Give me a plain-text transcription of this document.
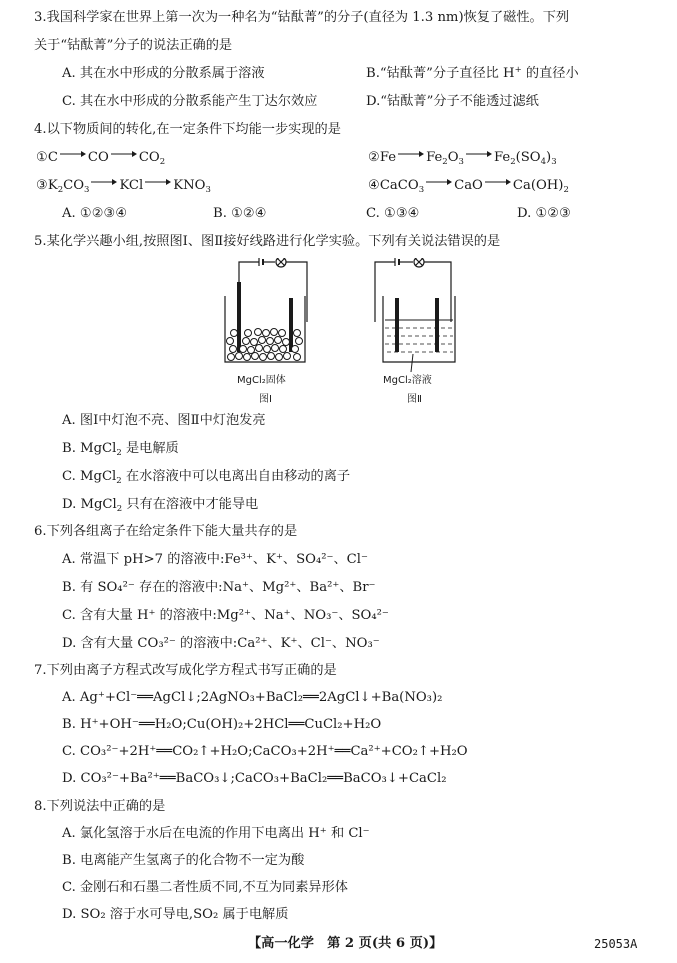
3.我国科学家在世界上第一次为一种名为“钴酞菁”的分子(直径为 1.3 nm)恢复了磁性。下列
关于“钴酞菁”分子的说法正确的是
A. 其在水中形成的分散系属于溶液	B.“钴酞菁”分子直径比 H+ 的直径小
C. 其在水中形成的分散系能产生丁达尔效应	D.“钴酞菁”分子不能透过滤纸
4.以下物质间的转化,在一定条件下均能一步实现的是
①C CO $CO_2$	②Fe $Fe_2O_3$ $Fe_2(SO_4)_3$
$③K_2CO_3$ KCl $KNO_3$	④CaCO$_3$ CaO $Ca(OH)_2$
A. ①②③④	B. ①②④	C. ①③④	D. ①②③
5.某化学兴趣小组,按照图Ⅰ、图Ⅱ接好线路进行化学实验。下列有关说法错误的是
MgCl₂固体
图Ⅰ
MgCl₂溶液
图Ⅱ
A. 图Ⅰ中灯泡不亮、图Ⅱ中灯泡发亮
B. MgCl$_2$ 是电解质
C. MgCl$_2$ 在水溶液中可以电离出自由移动的离子
D. MgCl$_2$ 只有在溶液中才能导电
6.下列各组离子在给定条件下能大量共存的是
A. 常温下 pH>7 的溶液中:Fe³⁺、K⁺、SO₄²⁻、Cl⁻
B. 有 SO₄²⁻ 存在的溶液中:Na⁺、Mg²⁺、Ba²⁺、Br⁻
C. 含有大量 H⁺ 的溶液中:Mg²⁺、Na⁺、NO₃⁻、SO₄²⁻
D. 含有大量 CO₃²⁻ 的溶液中:Ca²⁺、K⁺、Cl⁻、NO₃⁻
7.下列由离子方程式改写成化学方程式书写正确的是
A. Ag⁺+Cl⁻══AgCl↓;2AgNO₃+BaCl₂══2AgCl↓+Ba(NO₃)₂
B. H⁺+OH⁻══H₂O;Cu(OH)₂+2HCl══CuCl₂+H₂O
C. CO₃²⁻+2H⁺══CO₂↑+H₂O;CaCO₃+2H⁺══Ca²⁺+CO₂↑+H₂O
D. CO₃²⁻+Ba²⁺══BaCO₃↓;CaCO₃+BaCl₂══BaCO₃↓+CaCl₂
8.下列说法中正确的是
A. 氯化氢溶于水后在电流的作用下电离出 H⁺ 和 Cl⁻
B. 电离能产生氢离子的化合物不一定为酸
C. 金刚石和石墨二者性质不同,不互为同素异形体
D. SO₂ 溶于水可导电,SO₂ 属于电解质
【高一化学　第 2 页(共 6 页)】	25053A
